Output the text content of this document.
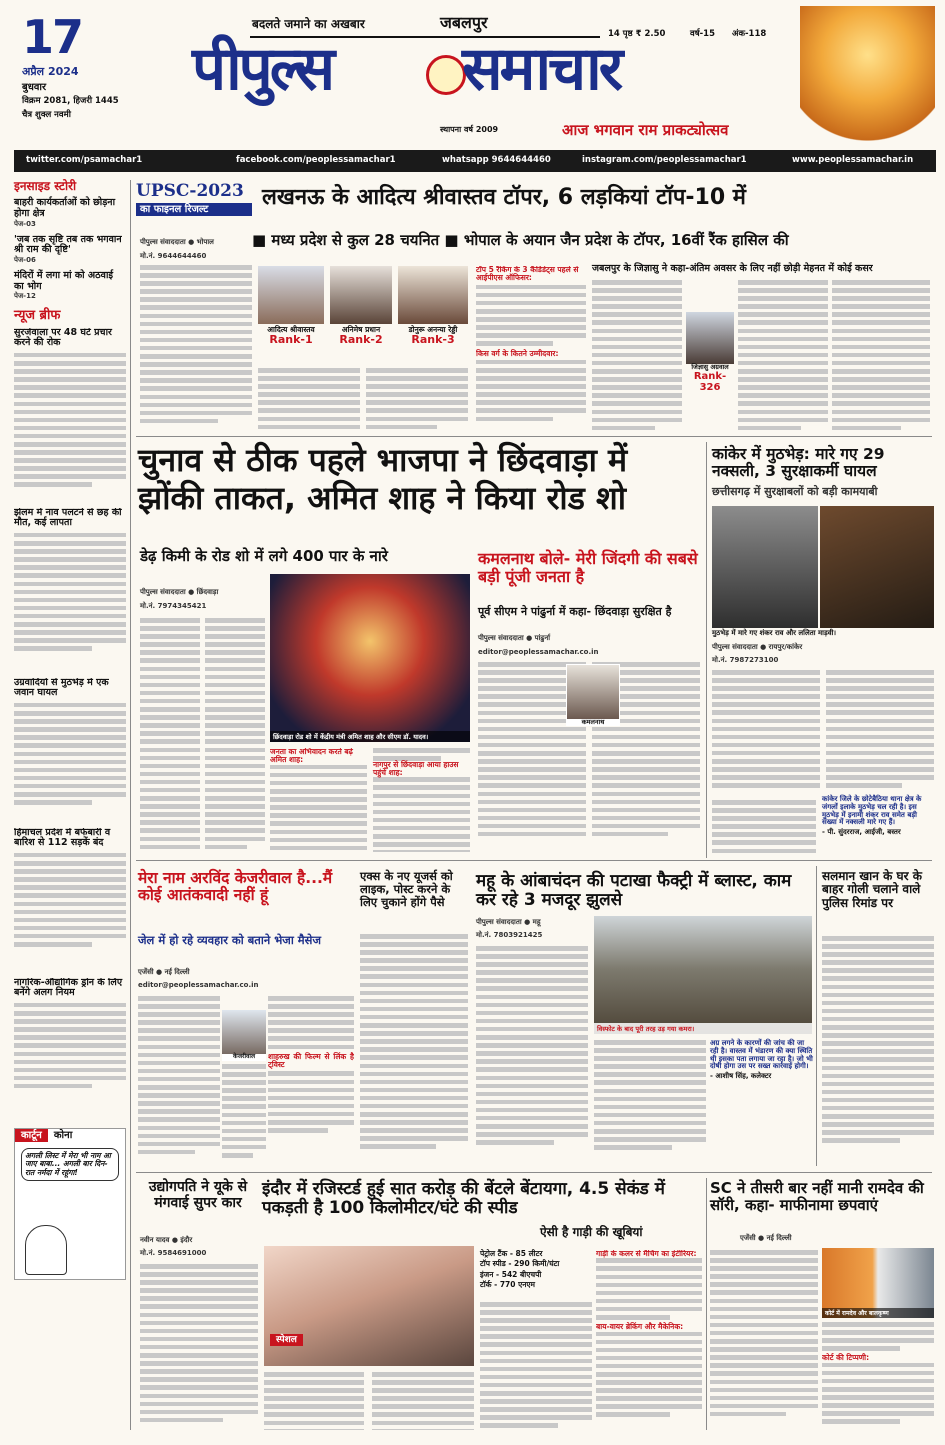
17
अप्रैल 2024
बुधवार
विक्रम 2081, हिजरी 1445
चैत्र शुक्ल नवमी
बदलते जमाने का अखबार	जबलपुर
14 पृष्ठ ₹ 2.50	वर्ष-15 अंक-118
पीपुल्स समाचार
स्थापना वर्ष 2009	आज भगवान राम प्राकट्योत्सव
twitter.com/psamachar1	facebook.com/peoplessamachar1	whatsapp 9644644460	instagram.com/peoplessamachar1	www.peoplessamachar.in
इनसाइड स्टोरी
बाहरी कार्यकर्ताओं को छोड़ना होगा क्षेत्र
पेज-03
'जब तक सृष्टि तब तक भगवान श्री राम की दृष्टि'
पेज-06
मंदिरों में लगा मां को अठवाई का भोग
पेज-12
न्यूज ब्रीफ
सुरजेवाला पर 48 घंटे प्रचार करने की रोक
झेलम में नाव पलटने से छह की मौत, कई लापता
उग्रवादियों से मुठभेड़ में एक जवान घायल
हिमाचल प्रदेश में बर्फबारी व बारिश से 112 सड़कें बंद
नागरिक-औद्योगिक ड्रोन के लिए बनेंगे अलग नियम
कार्टून	कोना
अगली लिस्ट में मेरा भी नाम आ जाए बाबा... अगली बार दिन-रात नर्मदा में रहूंगा!
UPSC-2023
का फाइनल रिजल्ट	लखनऊ के आदित्य श्रीवास्तव टॉपर, 6 लड़कियां टॉप-10 में
■ मध्य प्रदेश से कुल 28 चयनित ■ भोपाल के अयान जैन प्रदेश के टॉपर, 16वीं रैंक हासिल की
पीपुल्स संवाददाता ● भोपाल
मो.नं. 9644644460
आदित्य श्रीवास्तव
Rank-1
अनिमेष प्रधान
Rank-2
डोनुरू अनन्या रेड्डी
Rank-3
टॉप 5 रैंकिंग के 3 कैंडिडेट्स पहले से आईपीएस ऑफिसर:
किस वर्ग के कितने उम्मीदवार:
जबलपुर के जिज्ञासु ने कहा-अंतिम अवसर के लिए नहीं छोड़ी मेहनत में कोई कसर
जिज्ञासु अग्रवाल
Rank-326
चुनाव से ठीक पहले भाजपा ने छिंदवाड़ा में झोंकी ताकत, अमित शाह ने किया रोड शो
डेढ़ किमी के रोड शो में लगे 400 पार के नारे
पीपुल्स संवाददाता ● छिंदवाड़ा
मो.नं. 7974345421
छिंदवाड़ा रोड शो में केंद्रीय मंत्री अमित शाह और सीएम डॉ. यादव।
जनता का अभिवादन करते बढ़े अमित शाह:	नागपुर से छिंदवाड़ा आया हाउस पहुंचे शाह:
कमलनाथ बोले- मेरी जिंदगी की सबसे बड़ी पूंजी जनता है
पूर्व सीएम ने पांढुर्ना में कहा- छिंदवाड़ा सुरक्षित है
पीपुल्स संवाददाता ● पांढुर्ना
editor@peoplessamachar.co.in
कमलनाथ
कांकेर में मुठभेड़: मारे गए 29 नक्सली, 3 सुरक्षाकर्मी घायल
छत्तीसगढ़ में सुरक्षाबलों को बड़ी कामयाबी
मुठभेड़ में मारे गए शंकर राव और ललिता माड़वी।
पीपुल्स संवाददाता ● रायपुर/कांकेर
मो.नं. 7987273100
कांकेर जिले के छोटेबैठिया थाना क्षेत्र के जंगलों इलाके मुठभेड़ चल रही है। इस मुठभेड़ में इनामी शंकर राव समेत बड़ी संख्या में नक्सली मारे गए हैं।
- पी. सुंदरराज, आईजी, बस्तर
मेरा नाम अरविंद केजरीवाल है...मैं कोई आतंकवादी नहीं हूं
जेल में हो रहे व्यवहार को बताने भेजा मैसेज
एजेंसी ● नई दिल्ली
editor@peoplessamachar.co.in
केजरीवाल	शाहरुख की फिल्म से लिंक है ट्विस्ट
एक्स के नए यूजर्स को लाइक, पोस्ट करने के लिए चुकाने होंगे पैसे
महू के आंबाचंदन की पटाखा फैक्ट्री में ब्लास्ट, काम कर रहे 3 मजदूर झुलसे
पीपुल्स संवाददाता ● महू
मो.नं. 7803921425
विस्फोट के बाद पूरी तरह उड़ गया कमरा।
अग्र लगने के कारणों की जांच की जा रही है। वास्तव में भंडारण की क्या स्थिति थी इसका पता लगाया जा रहा है। जो भी दोषी होगा उस पर सख्त कार्रवाई होगी।
- आशीष सिंह, कलेक्टर
सलमान खान के घर के बाहर गोली चलाने वाले पुलिस रिमांड पर
उद्योगपति ने यूके से मंगवाई सुपर कार
नवीन यादव ● इंदौर
मो.नं. 9584691000
इंदौर में रजिस्टर्ड हुई सात करोड़ की बेंटले बेंटायगा, 4.5 सेकंड में पकड़ती है 100 किलोमीटर/घंटे की स्पीड
स्पेशल
ऐसी है गाड़ी की खूबियां
पेट्रोल टैंक - 85 लीटर
टॉप स्पीड - 290 किमी/घंटा
इंजन - 542 बीएचपी
टॉर्क - 770 एनएम
गाड़ी के कलर से मैचिंग का इंटीरियर:
बाय-वायर ब्रेकिंग और मैकेनिक:
SC ने तीसरी बार नहीं मानी रामदेव की सॉरी, कहा- माफीनामा छपवाएं
एजेंसी ● नई दिल्ली
कोर्ट में रामदेव और बालकृष्ण
कोर्ट की टिप्पणी:
